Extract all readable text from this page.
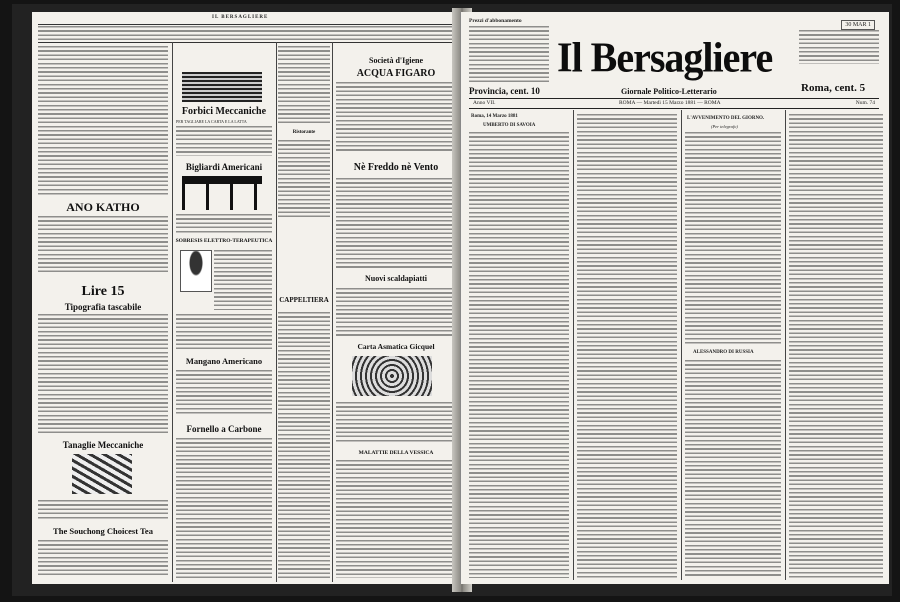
IL BERSAGLIERE
ANO KATHO
Lire 15
Tipografia tascabile
Tanaglie Meccaniche
The Souchong Choicest Tea
Forbici Meccaniche
PER TAGLIARE LA CARTA E LA LATTA
Bigliardi Americani
SOBRESIS ELETTRO-TERAPEUTICA
Mangano Americano
Fornello a Carbone
Ristorante
CAPPELTIERA
Società d'Igiene
ACQUA FIGARO
Nè Freddo nè Vento
Nuovi scaldapiatti
Carta Asmatica Gicquel
MALATTIE DELLA VESSICA
Prezzi d'abbonamento
Il Bersagliere
30 MAR 1
Provincia, cent. 10	Giornale Politico-Letterario	Roma, cent. 5
Anno VII.	ROMA — Martedì 15 Marzo 1881 — ROMA	Num. 74
Roma, 14 Marzo 1881
UMBERTO DI SAVOIA
L'AVVENIMENTO DEL GIORNO.
(Per telegrafo)
ALESSANDRO DI RUSSIA
